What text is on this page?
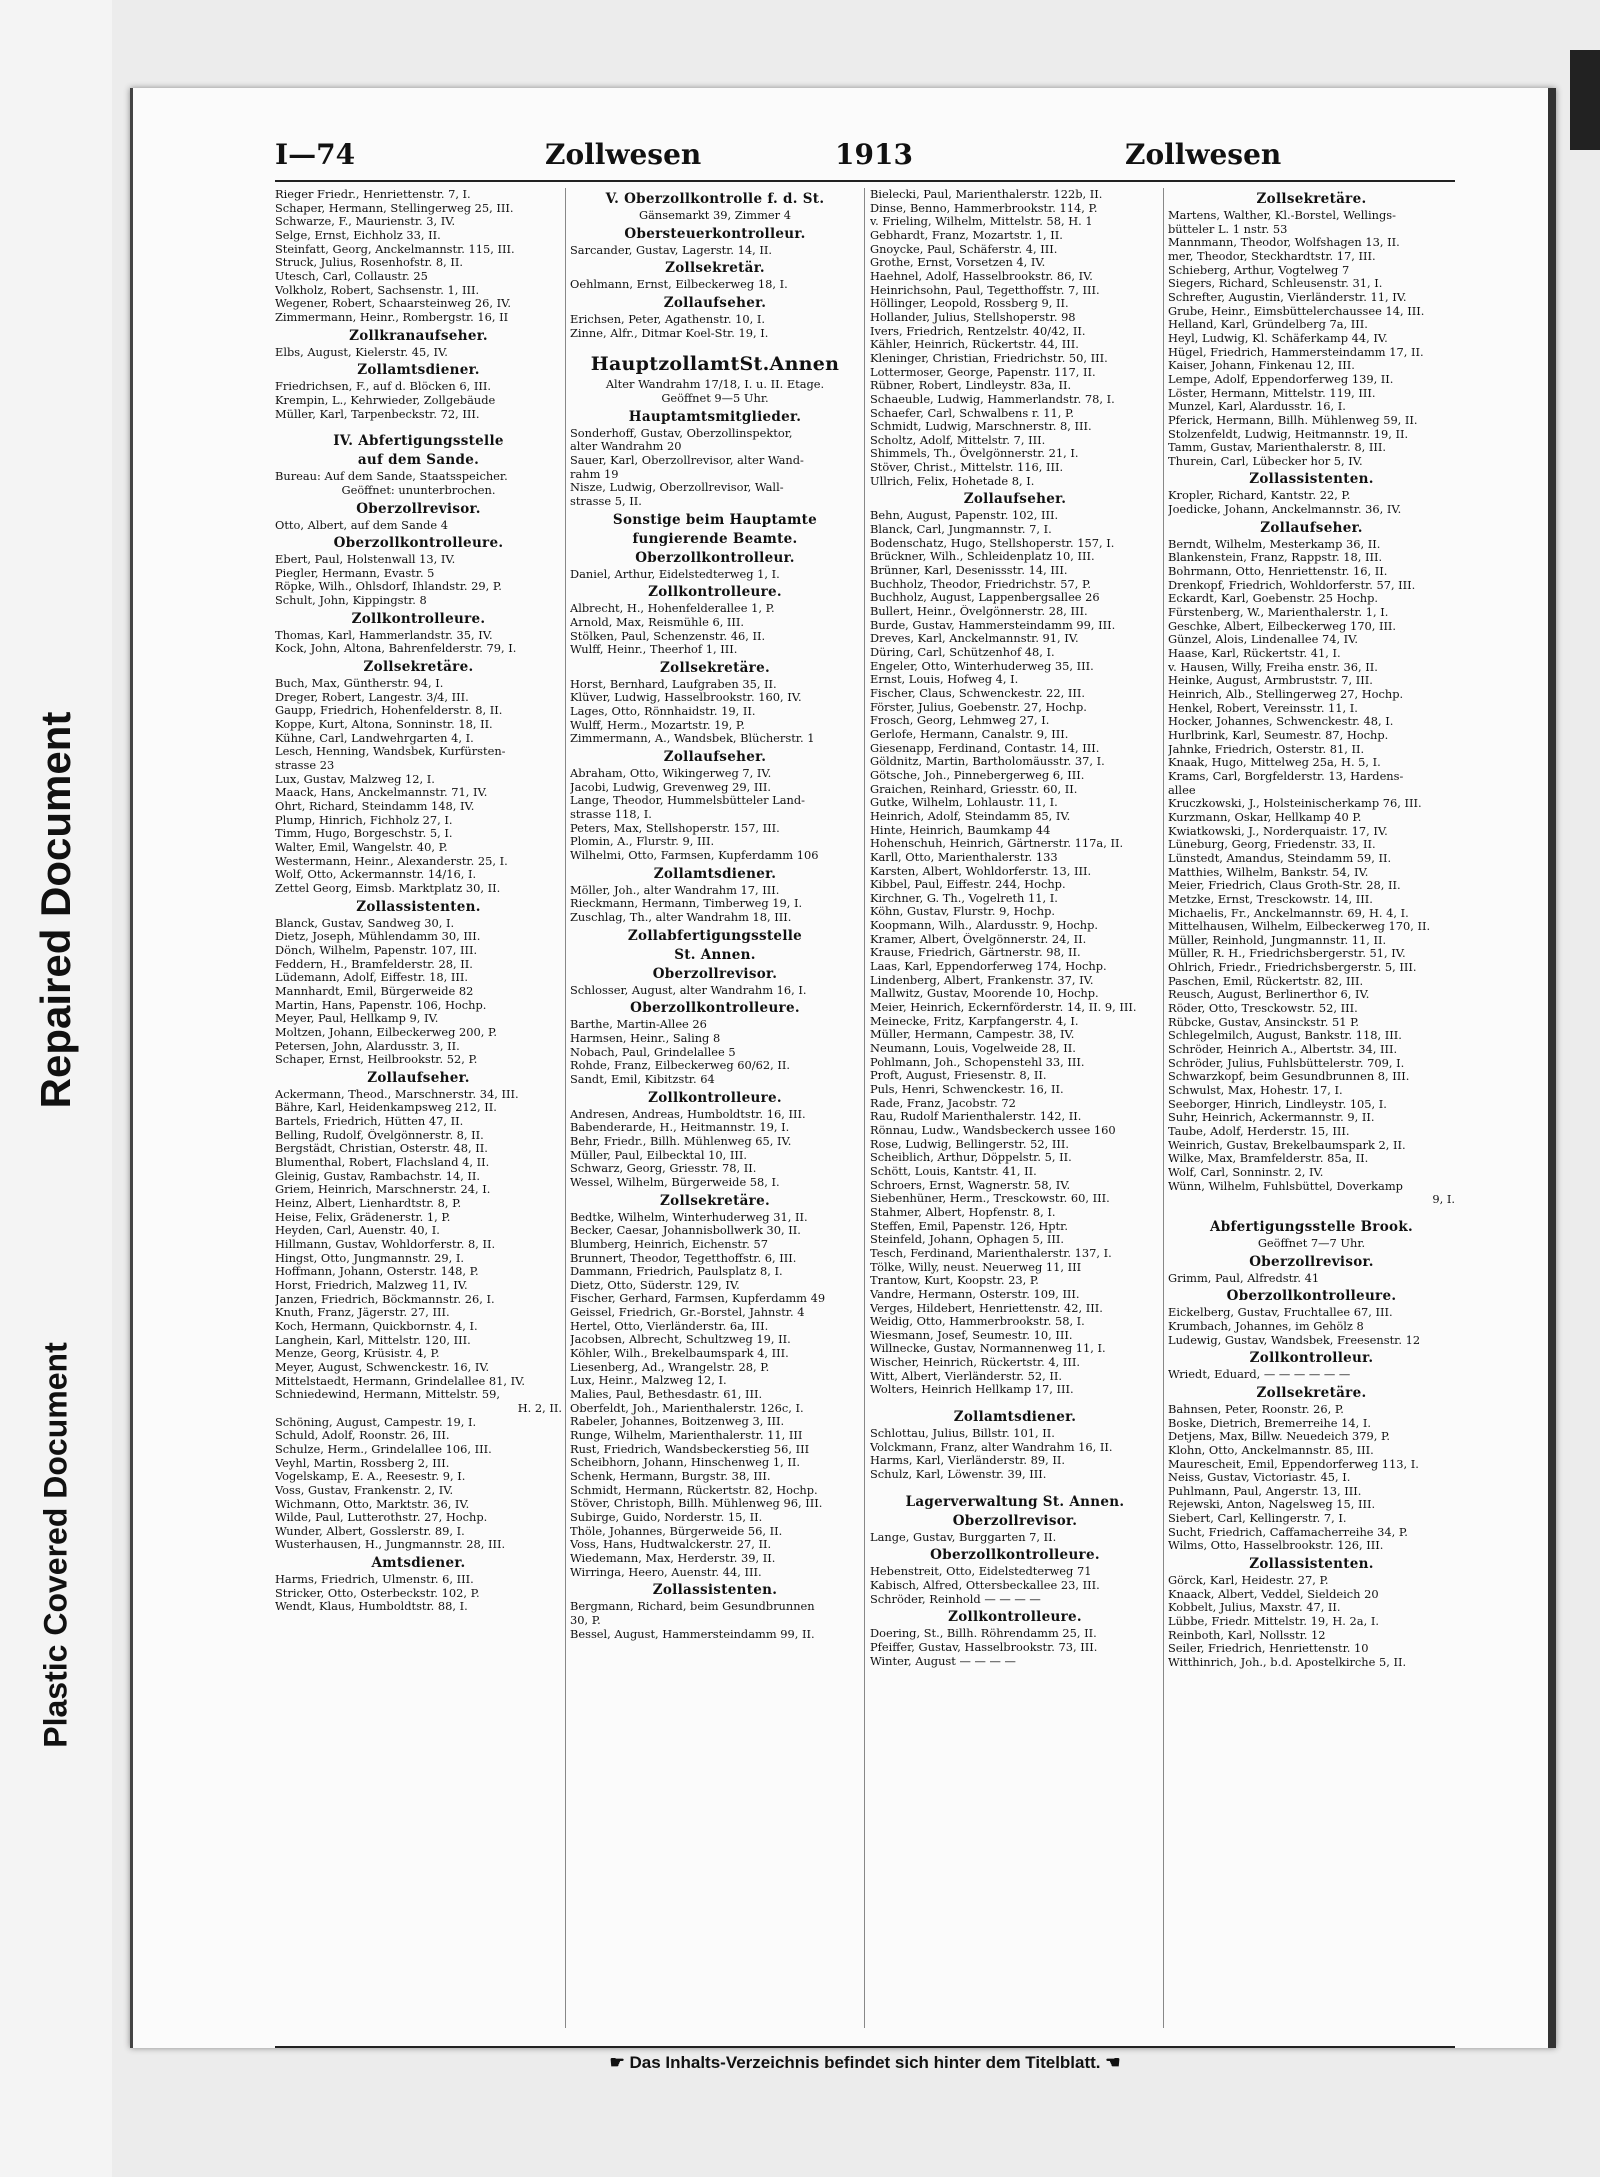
Repaired Document
Plastic Covered Document
I—74	Zollwesen	1913	Zollwesen
Rieger Friedr., Henriettenstr. 7, I.
Schaper, Hermann, Stellingerweg 25, III.
Schwarze, F., Maurienstr. 3, IV.
Selge, Ernst, Eichholz 33, II.
Steinfatt, Georg, Anckelmannstr. 115, III.
Struck, Julius, Rosenhofstr. 8, II.
Utesch, Carl, Collaustr. 25
Volkholz, Robert, Sachsenstr. 1, III.
Wegener, Robert, Schaarsteinweg 26, IV.
Zimmermann, Heinr., Rombergstr. 16, II
Zollkranaufseher.
Elbs, August, Kielerstr. 45, IV.
Zollamtsdiener.
Friedrichsen, F., auf d. Blöcken 6, III.
Krempin, L., Kehrwieder, Zollgebäude
Müller, Karl, Tarpenbeckstr. 72, III.
IV. Abfertigungsstelle
auf dem Sande.
Bureau: Auf dem Sande, Staatsspeicher.
Geöffnet: ununterbrochen.
Oberzollrevisor.
Otto, Albert, auf dem Sande 4
Oberzollkontrolleure.
Ebert, Paul, Holstenwall 13, IV.
Piegler, Hermann, Evastr. 5
Röpke, Wilh., Ohlsdorf, Ihlandstr. 29, P.
Schult, John, Kippingstr. 8
Zollkontrolleure.
Thomas, Karl, Hammerlandstr. 35, IV.
Kock, John, Altona, Bahrenfelderstr. 79, I.
Zollsekretäre.
Buch, Max, Güntherstr. 94, I.
Dreger, Robert, Langestr. 3/4, III.
Gaupp, Friedrich, Hohenfelderstr. 8, II.
Koppe, Kurt, Altona, Sonninstr. 18, II.
Kühne, Carl, Landwehrgarten 4, I.
Lesch, Henning, Wandsbek, Kurfürsten-
strasse 23
Lux, Gustav, Malzweg 12, I.
Maack, Hans, Anckelmannstr. 71, IV.
Ohrt, Richard, Steindamm 148, IV.
Plump, Hinrich, Fichholz 27, I.
Timm, Hugo, Borgeschstr. 5, I.
Walter, Emil, Wangelstr. 40, P.
Westermann, Heinr., Alexanderstr. 25, I.
Wolf, Otto, Ackermannstr. 14/16, I.
Zettel Georg, Eimsb. Marktplatz 30, II.
Zollassistenten.
Blanck, Gustav, Sandweg 30, I.
Dietz, Joseph, Mühlendamm 30, III.
Dönch, Wilhelm, Papenstr. 107, III.
Feddern, H., Bramfelderstr. 28, II.
Lüdemann, Adolf, Eiffestr. 18, III.
Mannhardt, Emil, Bürgerweide 82
Martin, Hans, Papenstr. 106, Hochp.
Meyer, Paul, Hellkamp 9, IV.
Moltzen, Johann, Eilbeckerweg 200, P.
Petersen, John, Alardusstr. 3, II.
Schaper, Ernst, Heilbrookstr. 52, P.
Zollaufseher.
Ackermann, Theod., Marschnerstr. 34, III.
Bähre, Karl, Heidenkampsweg 212, II.
Bartels, Friedrich, Hütten 47, II.
Belling, Rudolf, Övelgönnerstr. 8, II.
Bergstädt, Christian, Osterstr. 48, II.
Blumenthal, Robert, Flachsland 4, II.
Gleinig, Gustav, Rambachstr. 14, II.
Griem, Heinrich, Marschnerstr. 24, I.
Heinz, Albert, Lienhardtstr. 8, P.
Heise, Felix, Grädenerstr. 1, P.
Heyden, Carl, Auenstr. 40, I.
Hillmann, Gustav, Wohldorferstr. 8, II.
Hingst, Otto, Jungmannstr. 29, I.
Hoffmann, Johann, Osterstr. 148, P.
Horst, Friedrich, Malzweg 11, IV.
Janzen, Friedrich, Böckmannstr. 26, I.
Knuth, Franz, Jägerstr. 27, III.
Koch, Hermann, Quickbornstr. 4, I.
Langhein, Karl, Mittelstr. 120, III.
Menze, Georg, Krüsistr. 4, P.
Meyer, August, Schwenckestr. 16, IV.
Mittelstaedt, Hermann, Grindelallee 81, IV.
Schniedewind, Hermann, Mittelstr. 59,
H. 2, II.
Schöning, August, Campestr. 19, I.
Schuld, Adolf, Roonstr. 26, III.
Schulze, Herm., Grindelallee 106, III.
Veyhl, Martin, Rossberg 2, III.
Vogelskamp, E. A., Reesestr. 9, I.
Voss, Gustav, Frankenstr. 2, IV.
Wichmann, Otto, Marktstr. 36, IV.
Wilde, Paul, Lutterothstr. 27, Hochp.
Wunder, Albert, Gosslerstr. 89, I.
Wusterhausen, H., Jungmannstr. 28, III.
Amtsdiener.
Harms, Friedrich, Ulmenstr. 6, III.
Stricker, Otto, Osterbeckstr. 102, P.
Wendt, Klaus, Humboldtstr. 88, I.
V. Oberzollkontrolle f. d. St.
Gänsemarkt 39, Zimmer 4
Obersteuerkontrolleur.
Sarcander, Gustav, Lagerstr. 14, II.
Zollsekretär.
Oehlmann, Ernst, Eilbeckerweg 18, I.
Zollaufseher.
Erichsen, Peter, Agathenstr. 10, I.
Zinne, Alfr., Ditmar Koel-Str. 19, I.
HauptzollamtSt.Annen
Alter Wandrahm 17/18, I. u. II. Etage.
Geöffnet 9—5 Uhr.
Hauptamtsmitglieder.
Sonderhoff, Gustav, Oberzollinspektor,
alter Wandrahm 20
Sauer, Karl, Oberzollrevisor, alter Wand-
rahm 19
Nisze, Ludwig, Oberzollrevisor, Wall-
strasse 5, II.
Sonstige beim Hauptamte
fungierende Beamte.
Oberzollkontrolleur.
Daniel, Arthur, Eidelstedterweg 1, I.
Zollkontrolleure.
Albrecht, H., Hohenfelderallee 1, P.
Arnold, Max, Reismühle 6, III.
Stölken, Paul, Schenzenstr. 46, II.
Wulff, Heinr., Theerhof 1, III.
Zollsekretäre.
Horst, Bernhard, Laufgraben 35, II.
Klüver, Ludwig, Hasselbrookstr. 160, IV.
Lages, Otto, Rönnhaidstr. 19, II.
Wulff, Herm., Mozartstr. 19, P.
Zimmermann, A., Wandsbek, Blücherstr. 1
Zollaufseher.
Abraham, Otto, Wikingerweg 7, IV.
Jacobi, Ludwig, Grevenweg 29, III.
Lange, Theodor, Hummelsbütteler Land-
strasse 118, I.
Peters, Max, Stellshoperstr. 157, III.
Plomin, A., Flurstr. 9, III.
Wilhelmi, Otto, Farmsen, Kupferdamm 106
Zollamtsdiener.
Möller, Joh., alter Wandrahm 17, III.
Rieckmann, Hermann, Timberweg 19, I.
Zuschlag, Th., alter Wandrahm 18, III.
Zollabfertigungsstelle
St. Annen.
Oberzollrevisor.
Schlosser, August, alter Wandrahm 16, I.
Oberzollkontrolleure.
Barthe, Martin-Allee 26
Harmsen, Heinr., Saling 8
Nobach, Paul, Grindelallee 5
Rohde, Franz, Eilbeckerweg 60/62, II.
Sandt, Emil, Kibitzstr. 64
Zollkontrolleure.
Andresen, Andreas, Humboldtstr. 16, III.
Babenderarde, H., Heitmannstr. 19, I.
Behr, Friedr., Billh. Mühlenweg 65, IV.
Müller, Paul, Eilbecktal 10, III.
Schwarz, Georg, Griesstr. 78, II.
Wessel, Wilhelm, Bürgerweide 58, I.
Zollsekretäre.
Bedtke, Wilhelm, Winterhuderweg 31, II.
Becker, Caesar, Johannisbollwerk 30, II.
Blumberg, Heinrich, Eichenstr. 57
Brunnert, Theodor, Tegetthoffstr. 6, III.
Dammann, Friedrich, Paulsplatz 8, I.
Dietz, Otto, Süderstr. 129, IV.
Fischer, Gerhard, Farmsen, Kupferdamm 49
Geissel, Friedrich, Gr.-Borstel, Jahnstr. 4
Hertel, Otto, Vierländerstr. 6a, III.
Jacobsen, Albrecht, Schultzweg 19, II.
Köhler, Wilh., Brekelbaumspark 4, III.
Liesenberg, Ad., Wrangelstr. 28, P.
Lux, Heinr., Malzweg 12, I.
Malies, Paul, Bethesdastr. 61, III.
Oberfeldt, Joh., Marienthalerstr. 126c, I.
Rabeler, Johannes, Boitzenweg 3, III.
Runge, Wilhelm, Marienthalerstr. 11, III
Rust, Friedrich, Wandsbeckerstieg 56, III
Scheibhorn, Johann, Hinschenweg 1, II.
Schenk, Hermann, Burgstr. 38, III.
Schmidt, Hermann, Rückertstr. 82, Hochp.
Stöver, Christoph, Billh. Mühlenweg 96, III.
Subirge, Guido, Norderstr. 15, II.
Thöle, Johannes, Bürgerweide 56, II.
Voss, Hans, Hudtwalckerstr. 27, II.
Wiedemann, Max, Herderstr. 39, II.
Wirringa, Heero, Auenstr. 44, III.
Zollassistenten.
Bergmann, Richard, beim Gesundbrunnen
30, P.
Bessel, August, Hammersteindamm 99, II.
Bielecki, Paul, Marienthalerstr. 122b, II.
Dinse, Benno, Hammerbrookstr. 114, P.
v. Frieling, Wilhelm, Mittelstr. 58, H. 1
Gebhardt, Franz, Mozartstr. 1, II.
Gnoycke, Paul, Schäferstr. 4, III.
Grothe, Ernst, Vorsetzen 4, IV.
Haehnel, Adolf, Hasselbrookstr. 86, IV.
Heinrichsohn, Paul, Tegetthoffstr. 7, III.
Höllinger, Leopold, Rossberg 9, II.
Hollander, Julius, Stellshoperstr. 98
Ivers, Friedrich, Rentzelstr. 40/42, II.
Kähler, Heinrich, Rückertstr. 44, III.
Kleninger, Christian, Friedrichstr. 50, III.
Lottermoser, George, Papenstr. 117, II.
Rübner, Robert, Lindleystr. 83a, II.
Schaeuble, Ludwig, Hammerlandstr. 78, I.
Schaefer, Carl, Schwalbens r. 11, P.
Schmidt, Ludwig, Marschnerstr. 8, III.
Scholtz, Adolf, Mittelstr. 7, III.
Shimmels, Th., Övelgönnerstr. 21, I.
Stöver, Christ., Mittelstr. 116, III.
Ullrich, Felix, Hohetade 8, I.
Zollaufseher.
Behn, August, Papenstr. 102, III.
Blanck, Carl, Jungmannstr. 7, I.
Bodenschatz, Hugo, Stellshoperstr. 157, I.
Brückner, Wilh., Schleidenplatz 10, III.
Brünner, Karl, Desenissstr. 14, III.
Buchholz, Theodor, Friedrichstr. 57, P.
Buchholz, August, Lappenbergsallee 26
Bullert, Heinr., Övelgönnerstr. 28, III.
Burde, Gustav, Hammersteindamm 99, III.
Dreves, Karl, Anckelmannstr. 91, IV.
Düring, Carl, Schützenhof 48, I.
Engeler, Otto, Winterhuderweg 35, III.
Ernst, Louis, Hofweg 4, I.
Fischer, Claus, Schwenckestr. 22, III.
Förster, Julius, Goebenstr. 27, Hochp.
Frosch, Georg, Lehmweg 27, I.
Gerlofe, Hermann, Canalstr. 9, III.
Giesenapp, Ferdinand, Contastr. 14, III.
Göldnitz, Martin, Bartholomäusstr. 37, I.
Götsche, Joh., Pinnebergerweg 6, III.
Graichen, Reinhard, Griesstr. 60, II.
Gutke, Wilhelm, Lohlaustr. 11, I.
Heinrich, Adolf, Steindamm 85, IV.
Hinte, Heinrich, Baumkamp 44
Hohenschuh, Heinrich, Gärtnerstr. 117a, II.
Karll, Otto, Marienthalerstr. 133
Karsten, Albert, Wohldorferstr. 13, III.
Kibbel, Paul, Eiffestr. 244, Hochp.
Kirchner, G. Th., Vogelreth 11, I.
Köhn, Gustav, Flurstr. 9, Hochp.
Koopmann, Wilh., Alardusstr. 9, Hochp.
Kramer, Albert, Övelgönnerstr. 24, II.
Krause, Friedrich, Gärtnerstr. 98, II.
Laas, Karl, Eppendorferweg 174, Hochp.
Lindenberg, Albert, Frankenstr. 37, IV.
Mallwitz, Gustav, Moorende 10, Hochp.
Meier, Heinrich, Eckernförderstr. 14, II. 9, III.
Meinecke, Fritz, Karpfangerstr. 4, I.
Müller, Hermann, Campestr. 38, IV.
Neumann, Louis, Vogelweide 28, II.
Pohlmann, Joh., Schopenstehl 33, III.
Proft, August, Friesenstr. 8, II.
Puls, Henri, Schwenckestr. 16, II.
Rade, Franz, Jacobstr. 72
Rau, Rudolf Marienthalerstr. 142, II.
Rönnau, Ludw., Wandsbeckerch ussee 160
Rose, Ludwig, Bellingerstr. 52, III.
Scheiblich, Arthur, Döppelstr. 5, II.
Schött, Louis, Kantstr. 41, II.
Schroers, Ernst, Wagnerstr. 58, IV.
Siebenhüner, Herm., Tresckowstr. 60, III.
Stahmer, Albert, Hopfenstr. 8, I.
Steffen, Emil, Papenstr. 126, Hptr.
Steinfeld, Johann, Ophagen 5, III.
Tesch, Ferdinand, Marienthalerstr. 137, I.
Tölke, Willy, neust. Neuerweg 11, III
Trantow, Kurt, Koopstr. 23, P.
Vandre, Hermann, Osterstr. 109, III.
Verges, Hildebert, Henriettenstr. 42, III.
Weidig, Otto, Hammerbrookstr. 58, I.
Wiesmann, Josef, Seumestr. 10, III.
Willnecke, Gustav, Normannenweg 11, I.
Wischer, Heinrich, Rückertstr. 4, III.
Witt, Albert, Vierländerstr. 52, II.
Wolters, Heinrich Hellkamp 17, III.
Zollamtsdiener.
Schlottau, Julius, Billstr. 101, II.
Volckmann, Franz, alter Wandrahm 16, II.
Harms, Karl, Vierländerstr. 89, II.
Schulz, Karl, Löwenstr. 39, III.
Lagerverwaltung St. Annen.
Oberzollrevisor.
Lange, Gustav, Burggarten 7, II.
Oberzollkontrolleure.
Hebenstreit, Otto, Eidelstedterweg 71
Kabisch, Alfred, Ottersbeckallee 23, III.
Schröder, Reinhold — — — —
Zollkontrolleure.
Doering, St., Billh. Röhrendamm 25, II.
Pfeiffer, Gustav, Hasselbrookstr. 73, III.
Winter, August — — — —
Zollsekretäre.
Martens, Walther, Kl.-Borstel, Wellings-
bütteler L. 1 nstr. 53
Mannmann, Theodor, Wolfshagen 13, II.
mer, Theodor, Steckhardtstr. 17, III.
Schieberg, Arthur, Vogtelweg 7
Siegers, Richard, Schleusenstr. 31, I.
Schrefter, Augustin, Vierländerstr. 11, IV.
Grube, Heinr., Eimsbüttelerchaussee 14, III.
Helland, Karl, Gründelberg 7a, III.
Heyl, Ludwig, Kl. Schäferkamp 44, IV.
Hügel, Friedrich, Hammersteindamm 17, II.
Kaiser, Johann, Finkenau 12, III.
Lempe, Adolf, Eppendorferweg 139, II.
Löster, Hermann, Mittelstr. 119, III.
Munzel, Karl, Alardusstr. 16, I.
Pferick, Hermann, Billh. Mühlenweg 59, II.
Stolzenfeldt, Ludwig, Heitmannstr. 19, II.
Tamm, Gustav, Marienthalerstr. 8, III.
Thurein, Carl, Lübecker hor 5, IV.
Zollassistenten.
Kropler, Richard, Kantstr. 22, P.
Joedicke, Johann, Anckelmannstr. 36, IV.
Zollaufseher.
Berndt, Wilhelm, Mesterkamp 36, II.
Blankenstein, Franz, Rappstr. 18, III.
Bohrmann, Otto, Henriettenstr. 16, II.
Drenkopf, Friedrich, Wohldorferstr. 57, III.
Eckardt, Karl, Goebenstr. 25 Hochp.
Fürstenberg, W., Marienthalerstr. 1, I.
Geschke, Albert, Eilbeckerweg 170, III.
Günzel, Alois, Lindenallee 74, IV.
Haase, Karl, Rückertstr. 41, I.
v. Hausen, Willy, Freiha enstr. 36, II.
Heinke, August, Armbruststr. 7, III.
Heinrich, Alb., Stellingerweg 27, Hochp.
Henkel, Robert, Vereinsstr. 11, I.
Hocker, Johannes, Schwenckestr. 48, I.
Hurlbrink, Karl, Seumestr. 87, Hochp.
Jahnke, Friedrich, Osterstr. 81, II.
Knaak, Hugo, Mittelweg 25a, H. 5, I.
Krams, Carl, Borgfelderstr. 13, Hardens-
allee
Kruczkowski, J., Holsteinischerkamp 76, III.
Kurzmann, Oskar, Hellkamp 40 P.
Kwiatkowski, J., Norderquaistr. 17, IV.
Lüneburg, Georg, Friedenstr. 33, II.
Lünstedt, Amandus, Steindamm 59, II.
Matthies, Wilhelm, Bankstr. 54, IV.
Meier, Friedrich, Claus Groth-Str. 28, II.
Metzke, Ernst, Tresckowstr. 14, III.
Michaelis, Fr., Anckelmannstr. 69, H. 4, I.
Mittelhausen, Wilhelm, Eilbeckerweg 170, II.
Müller, Reinhold, Jungmannstr. 11, II.
Müller, R. H., Friedrichsbergerstr. 51, IV.
Ohlrich, Friedr., Friedrichsbergerstr. 5, III.
Paschen, Emil, Rückertstr. 82, III.
Reusch, August, Berlinerthor 6, IV.
Röder, Otto, Tresckowstr. 52, III.
Rübcke, Gustav, Ansinckstr. 51 P.
Schlegelmilch, August, Bankstr. 118, III.
Schröder, Heinrich A., Albertstr. 34, III.
Schröder, Julius, Fuhlsbüttelerstr. 709, I.
Schwarzkopf, beim Gesundbrunnen 8, III.
Schwulst, Max, Hohestr. 17, I.
Seeborger, Hinrich, Lindleystr. 105, I.
Suhr, Heinrich, Ackermannstr. 9, II.
Taube, Adolf, Herderstr. 15, III.
Weinrich, Gustav, Brekelbaumspark 2, II.
Wilke, Max, Bramfelderstr. 85a, II.
Wolf, Carl, Sonninstr. 2, IV.
Wünn, Wilhelm, Fuhlsbüttel, Doverkamp
9, I.
Abfertigungsstelle Brook.
Geöffnet 7—7 Uhr.
Oberzollrevisor.
Grimm, Paul, Alfredstr. 41
Oberzollkontrolleure.
Eickelberg, Gustav, Fruchtallee 67, III.
Krumbach, Johannes, im Gehölz 8
Ludewig, Gustav, Wandsbek, Freesenstr. 12
Zollkontrolleur.
Wriedt, Eduard, — — — — — —
Zollsekretäre.
Bahnsen, Peter, Roonstr. 26, P.
Boske, Dietrich, Bremerreihe 14, I.
Detjens, Max, Billw. Neuedeich 379, P.
Klohn, Otto, Anckelmannstr. 85, III.
Maurescheit, Emil, Eppendorferweg 113, I.
Neiss, Gustav, Victoriastr. 45, I.
Puhlmann, Paul, Angerstr. 13, III.
Rejewski, Anton, Nagelsweg 15, III.
Siebert, Carl, Kellingerstr. 7, I.
Sucht, Friedrich, Caffamacherreihe 34, P.
Wilms, Otto, Hasselbrookstr. 126, III.
Zollassistenten.
Görck, Karl, Heidestr. 27, P.
Knaack, Albert, Veddel, Sieldeich 20
Kobbelt, Julius, Maxstr. 47, II.
Lübbe, Friedr. Mittelstr. 19, H. 2a, I.
Reinboth, Karl, Nollsstr. 12
Seiler, Friedrich, Henriettenstr. 10
Witthinrich, Joh., b.d. Apostelkirche 5, II.
☛ Das Inhalts-Verzeichnis befindet sich hinter dem Titelblatt. ☚
